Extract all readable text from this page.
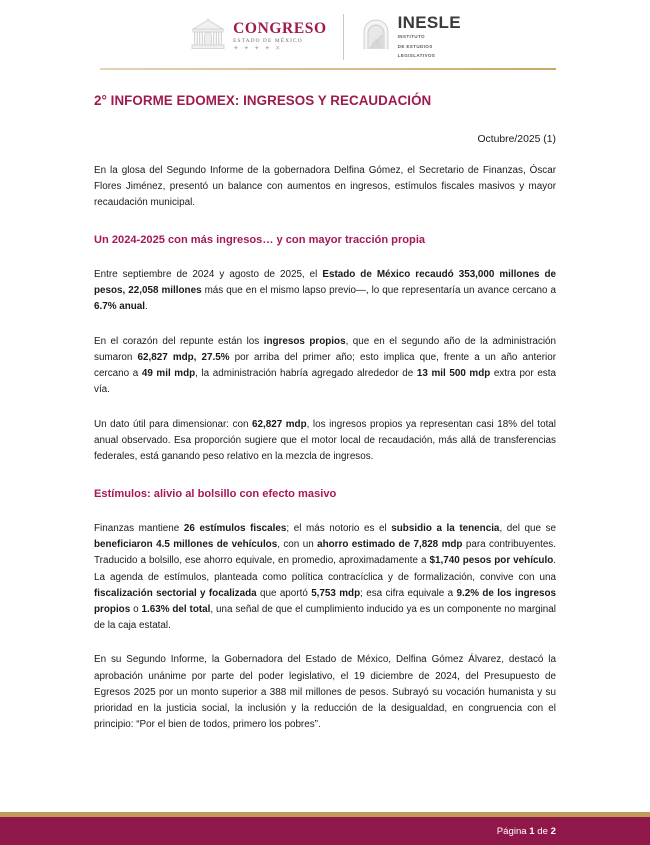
CONGRESO
ESTADO DE MÉXICO
✦ ✦ ✦ ✦ ✕
INESLE
INSTITUTO
DE ESTUDIOS
LEGISLATIVOS
2° INFORME EDOMEX: INGRESOS Y RECAUDACIÓN
Octubre/2025 (1)

En la glosa del Segundo Informe de la gobernadora Delfina Gómez, el Secretario de Finanzas, Óscar Flores Jiménez, presentó un balance con aumentos en ingresos, estímulos fiscales masivos y mayor recaudación municipal.

Un 2024-2025 con más ingresos… y con mayor tracción propia

Entre septiembre de 2024 y agosto de 2025, el Estado de México recaudó 353,000 millones de pesos, 22,058 millones más que en el mismo lapso previo—, lo que representaría un avance cercano a 6.7% anual.

En el corazón del repunte están los ingresos propios, que en el segundo año de la administración sumaron 62,827 mdp, 27.5% por arriba del primer año; esto implica que, frente a un año anterior cercano a 49 mil mdp, la administración habría agregado alrededor de 13 mil 500 mdp extra por esta vía.

Un dato útil para dimensionar: con 62,827 mdp, los ingresos propios ya representan casi 18% del total anual observado. Esa proporción sugiere que el motor local de recaudación, más allá de transferencias federales, está ganando peso relativo en la mezcla de ingresos.

Estímulos: alivio al bolsillo con efecto masivo

Finanzas mantiene 26 estímulos fiscales; el más notorio es el subsidio a la tenencia, del que se beneficiaron 4.5 millones de vehículos, con un ahorro estimado de 7,828 mdp para contribuyentes. Traducido a bolsillo, ese ahorro equivale, en promedio, aproximadamente a $1,740 pesos por vehículo. La agenda de estímulos, planteada como política contracíclica y de formalización, convive con una fiscalización sectorial y focalizada que aportó 5,753 mdp; esa cifra equivale a 9.2% de los ingresos propios o 1.63% del total, una señal de que el cumplimiento inducido ya es un componente no marginal de la caja estatal.

En su Segundo Informe, la Gobernadora del Estado de México, Delfina Gómez Álvarez, destacó la aprobación unánime por parte del poder legislativo, el 19 diciembre de 2024, del Presupuesto de Egresos 2025 por un monto superior a 388 mil millones de pesos. Subrayó su vocación humanista y su prioridad en la justicia social, la inclusión y la reducción de la desigualdad, en congruencia con el principio: “Por el bien de todos, primero los pobres”.

Página 1 de 2
